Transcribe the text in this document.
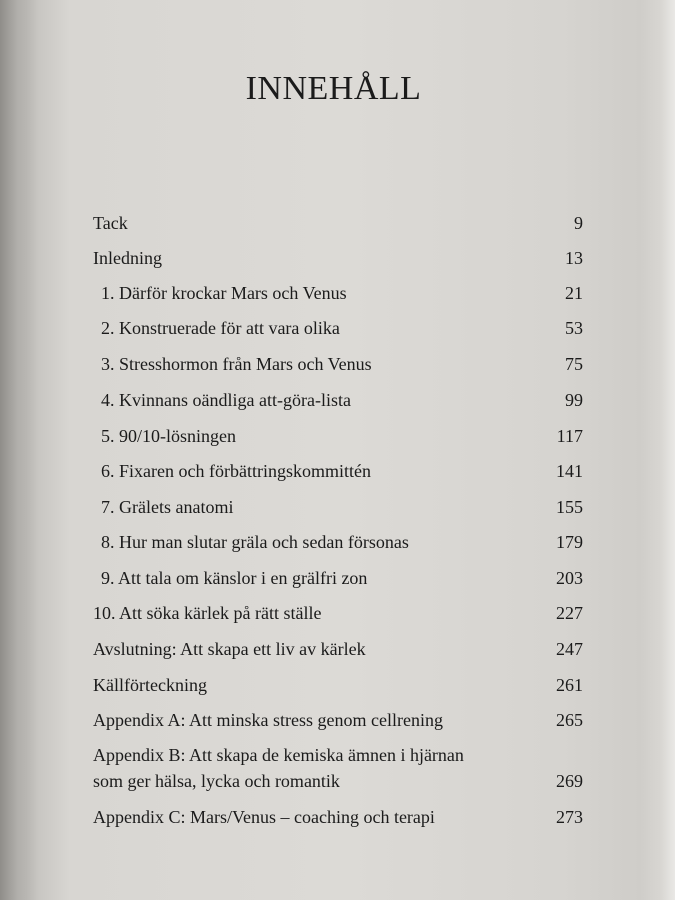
INNEHÅLL
Tack	9
Inledning	13
1. Därför krockar Mars och Venus	21
2. Konstruerade för att vara olika	53
3. Stresshormon från Mars och Venus	75
4. Kvinnans oändliga att-göra-lista	99
5. 90/10-lösningen	117
6. Fixaren och förbättringskommittén	141
7. Grälets anatomi	155
8. Hur man slutar gräla och sedan försonas	179
9. Att tala om känslor i en grälfri zon	203
10. Att söka kärlek på rätt ställe	227
Avslutning: Att skapa ett liv av kärlek	247
Källförteckning	261
Appendix A: Att minska stress genom cellrening	265
Appendix B: Att skapa de kemiska ämnen i hjärnan
som ger hälsa, lycka och romantik	269
Appendix C: Mars/Venus – coaching och terapi	273
